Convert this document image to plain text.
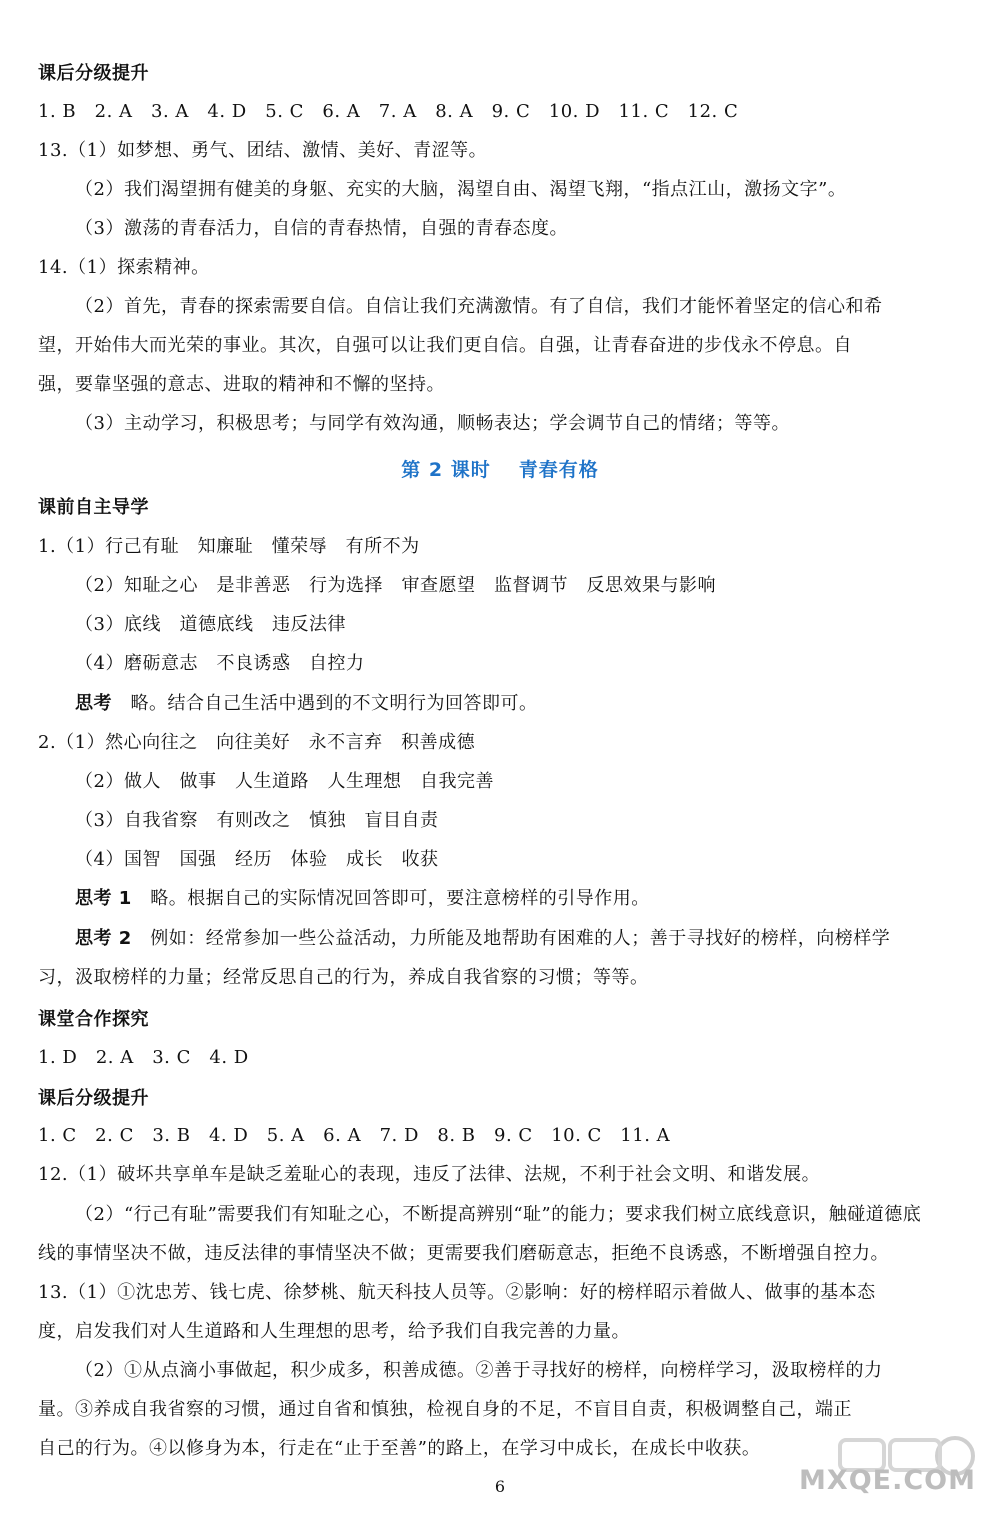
课后分级提升
1. B　2. A　3. A　4. D　5. C　6. A　7. A　8. A　9. C　10. D　11. C　12. C
13.（1）如梦想、勇气、团结、激情、美好、青涩等。
（2）我们渴望拥有健美的身躯、充实的大脑，渴望自由、渴望飞翔，“指点江山，激扬文字”。
（3）激荡的青春活力，自信的青春热情，自强的青春态度。
14.（1）探索精神。
（2）首先，青春的探索需要自信。自信让我们充满激情。有了自信，我们才能怀着坚定的信心和希
望，开始伟大而光荣的事业。其次，自强可以让我们更自信。自强，让青春奋进的步伐永不停息。自
强，要靠坚强的意志、进取的精神和不懈的坚持。
（3）主动学习，积极思考；与同学有效沟通，顺畅表达；学会调节自己的情绪；等等。
第 2 课时 青春有格
课前自主导学
1.（1）行己有耻　知廉耻　懂荣辱　有所不为
（2）知耻之心　是非善恶　行为选择　审查愿望　监督调节　反思效果与影响
（3）底线　道德底线　违反法律
（4）磨砺意志　不良诱惑　自控力
思考　略。结合自己生活中遇到的不文明行为回答即可。
2.（1）然心向往之　向往美好　永不言弃　积善成德
（2）做人　做事　人生道路　人生理想　自我完善
（3）自我省察　有则改之　慎独　盲目自责
（4）国智　国强　经历　体验　成长　收获
思考 1　略。根据自己的实际情况回答即可，要注意榜样的引导作用。
思考 2　例如：经常参加一些公益活动，力所能及地帮助有困难的人；善于寻找好的榜样，向榜样学
习，汲取榜样的力量；经常反思自己的行为，养成自我省察的习惯；等等。
课堂合作探究
1. D　2. A　3. C　4. D
课后分级提升
1. C　2. C　3. B　4. D　5. A　6. A　7. D　8. B　9. C　10. C　11. A
12.（1）破坏共享单车是缺乏羞耻心的表现，违反了法律、法规，不利于社会文明、和谐发展。
（2）“行己有耻”需要我们有知耻之心，不断提高辨别“耻”的能力；要求我们树立底线意识，触碰道德底
线的事情坚决不做，违反法律的事情坚决不做；更需要我们磨砺意志，拒绝不良诱惑，不断增强自控力。
13.（1）①沈忠芳、钱七虎、徐梦桃、航天科技人员等。②影响：好的榜样昭示着做人、做事的基本态
度，启发我们对人生道路和人生理想的思考，给予我们自我完善的力量。
（2）①从点滴小事做起，积少成多，积善成德。②善于寻找好的榜样，向榜样学习，汲取榜样的力
量。③养成自我省察的习惯，通过自省和慎独，检视自身的不足，不盲目自责，积极调整自己，端正
自己的行为。④以修身为本，行走在“止于至善”的路上，在学习中成长，在成长中收获。
6	MXQE.COM
